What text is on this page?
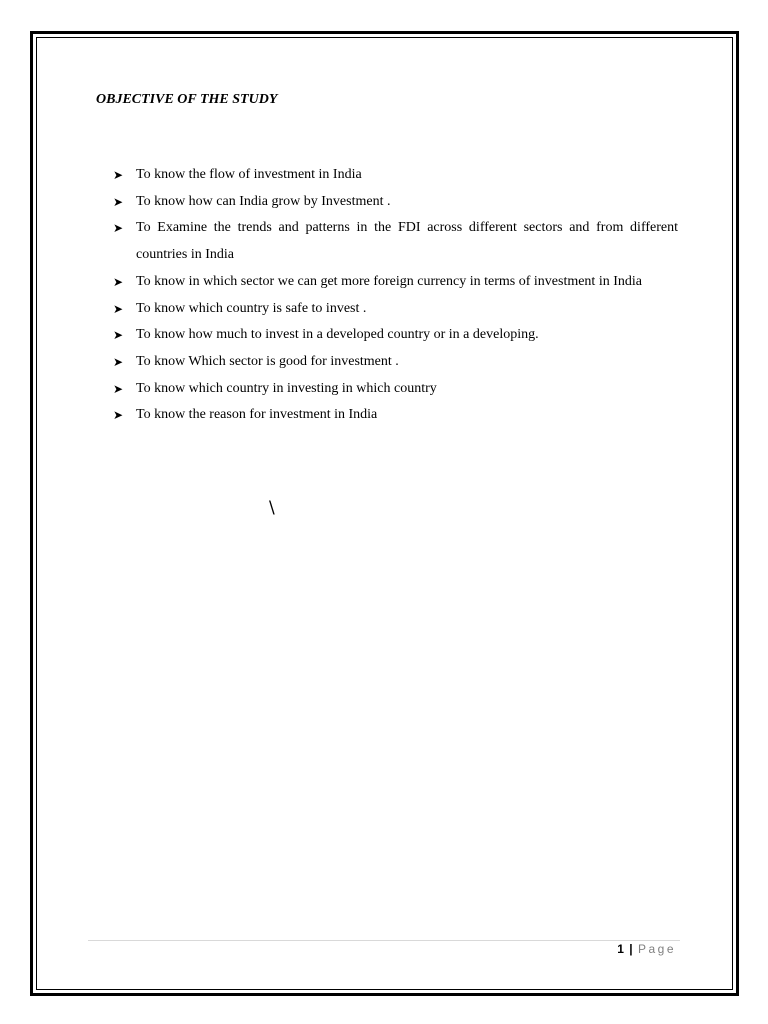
OBJECTIVE OF THE STUDY
➤ To know the flow of investment in India
➤ To know how can India grow by Investment .
➤ To Examine the trends and patterns in the FDI across different sectors and from different countries in India
➤ To know in which sector we can get more foreign currency in terms of investment in India
➤ To know which country is safe to invest .
➤ To know how much to invest in a developed country or in a developing.
➤ To know Which sector is good for investment .
➤ To know which country in investing in which country
➤ To know the reason for investment in India
\
1 | Page
